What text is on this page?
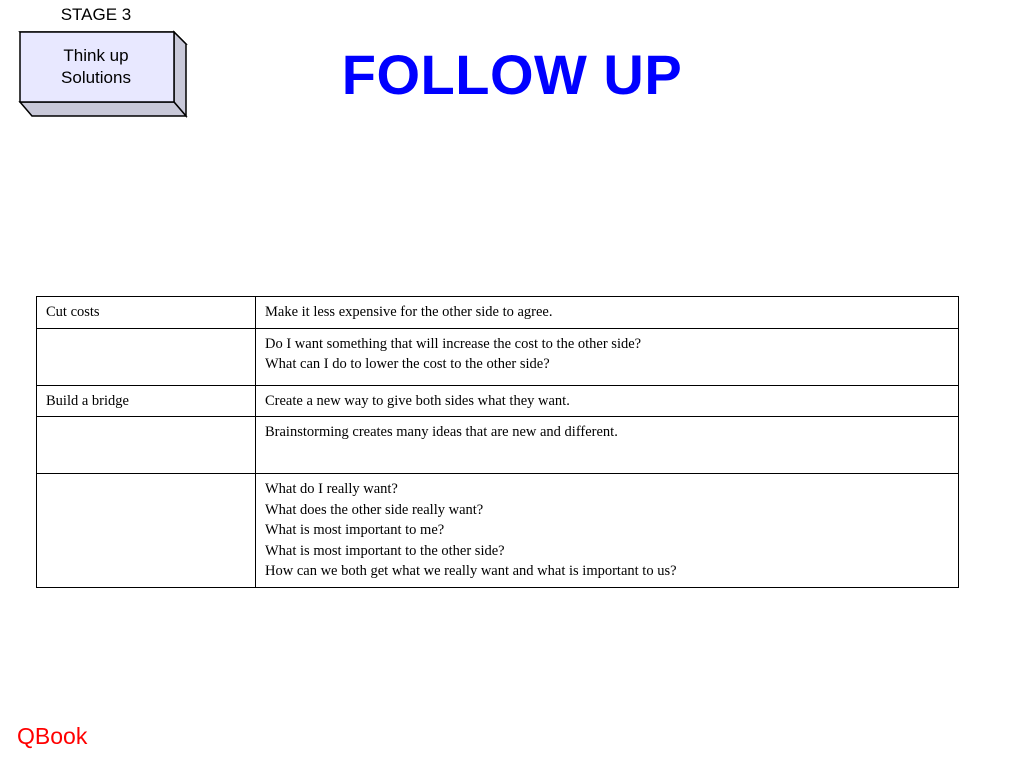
STAGE 3
Think up
Solutions	FOLLOW UP
Cut costs	Make it less expensive for the other side to agree.

	Do I want something that will increase the cost to the other side?
What can I do to lower the cost to the other side?

Build a bridge	Create a new way to give both sides what they want.

	Brainstorming creates many ideas that are new and different.

	What do I really want?
What does the other side really want?
What is most important to me?
What is most important to the other side?
How can we both get what we really want and what is important to us?
QBook
